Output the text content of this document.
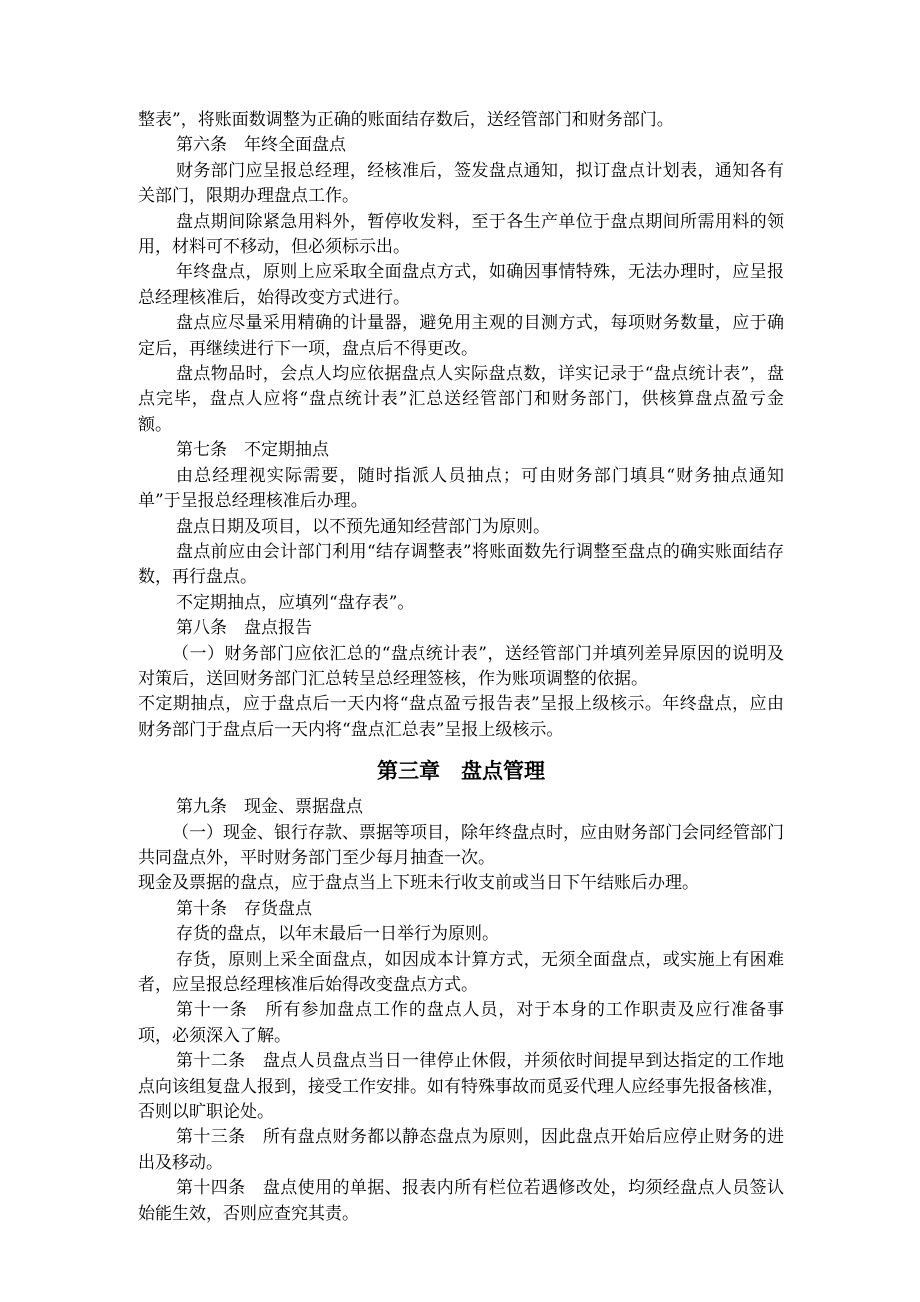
整表”，将账面数调整为正确的账面结存数后，送经管部门和财务部门。

第六条　年终全面盘点

财务部门应呈报总经理，经核准后，签发盘点通知，拟订盘点计划表，通知各有关部门，限期办理盘点工作。

盘点期间除紧急用料外，暂停收发料，至于各生产单位于盘点期间所需用料的领用，材料可不移动，但必须标示出。

年终盘点，原则上应采取全面盘点方式，如确因事情特殊，无法办理时，应呈报总经理核准后，始得改变方式进行。

盘点应尽量采用精确的计量器，避免用主观的目测方式，每项财务数量，应于确定后，再继续进行下一项，盘点后不得更改。

盘点物品时，会点人均应依据盘点人实际盘点数，详实记录于“盘点统计表”，盘点完毕，盘点人应将“盘点统计表”汇总送经管部门和财务部门，供核算盘点盈亏金额。

第七条　不定期抽点

由总经理视实际需要，随时指派人员抽点；可由财务部门填具“财务抽点通知单”于呈报总经理核准后办理。

盘点日期及项目，以不预先通知经营部门为原则。

盘点前应由会计部门利用“结存调整表”将账面数先行调整至盘点的确实账面结存数，再行盘点。

不定期抽点，应填列“盘存表”。

第八条　盘点报告

（一）财务部门应依汇总的“盘点统计表”，送经管部门并填列差异原因的说明及对策后，送回财务部门汇总转呈总经理签核，作为账项调整的依据。

不定期抽点，应于盘点后一天内将“盘点盈亏报告表”呈报上级核示。年终盘点，应由财务部门于盘点后一天内将“盘点汇总表”呈报上级核示。

第三章　盘点管理

第九条　现金、票据盘点

（一）现金、银行存款、票据等项目，除年终盘点时，应由财务部门会同经管部门共同盘点外，平时财务部门至少每月抽查一次。

现金及票据的盘点，应于盘点当上下班未行收支前或当日下午结账后办理。

第十条　存货盘点

存货的盘点，以年末最后一日举行为原则。

存货，原则上采全面盘点，如因成本计算方式，无须全面盘点，或实施上有困难者，应呈报总经理核准后始得改变盘点方式。

第十一条　所有参加盘点工作的盘点人员，对于本身的工作职责及应行准备事项，必须深入了解。

第十二条　盘点人员盘点当日一律停止休假，并须依时间提早到达指定的工作地点向该组复盘人报到，接受工作安排。如有特殊事故而觅妥代理人应经事先报备核准，否则以旷职论处。

第十三条　所有盘点财务都以静态盘点为原则，因此盘点开始后应停止财务的进出及移动。

第十四条　盘点使用的单据、报表内所有栏位若遇修改处，均须经盘点人员签认始能生效，否则应查究其责。
